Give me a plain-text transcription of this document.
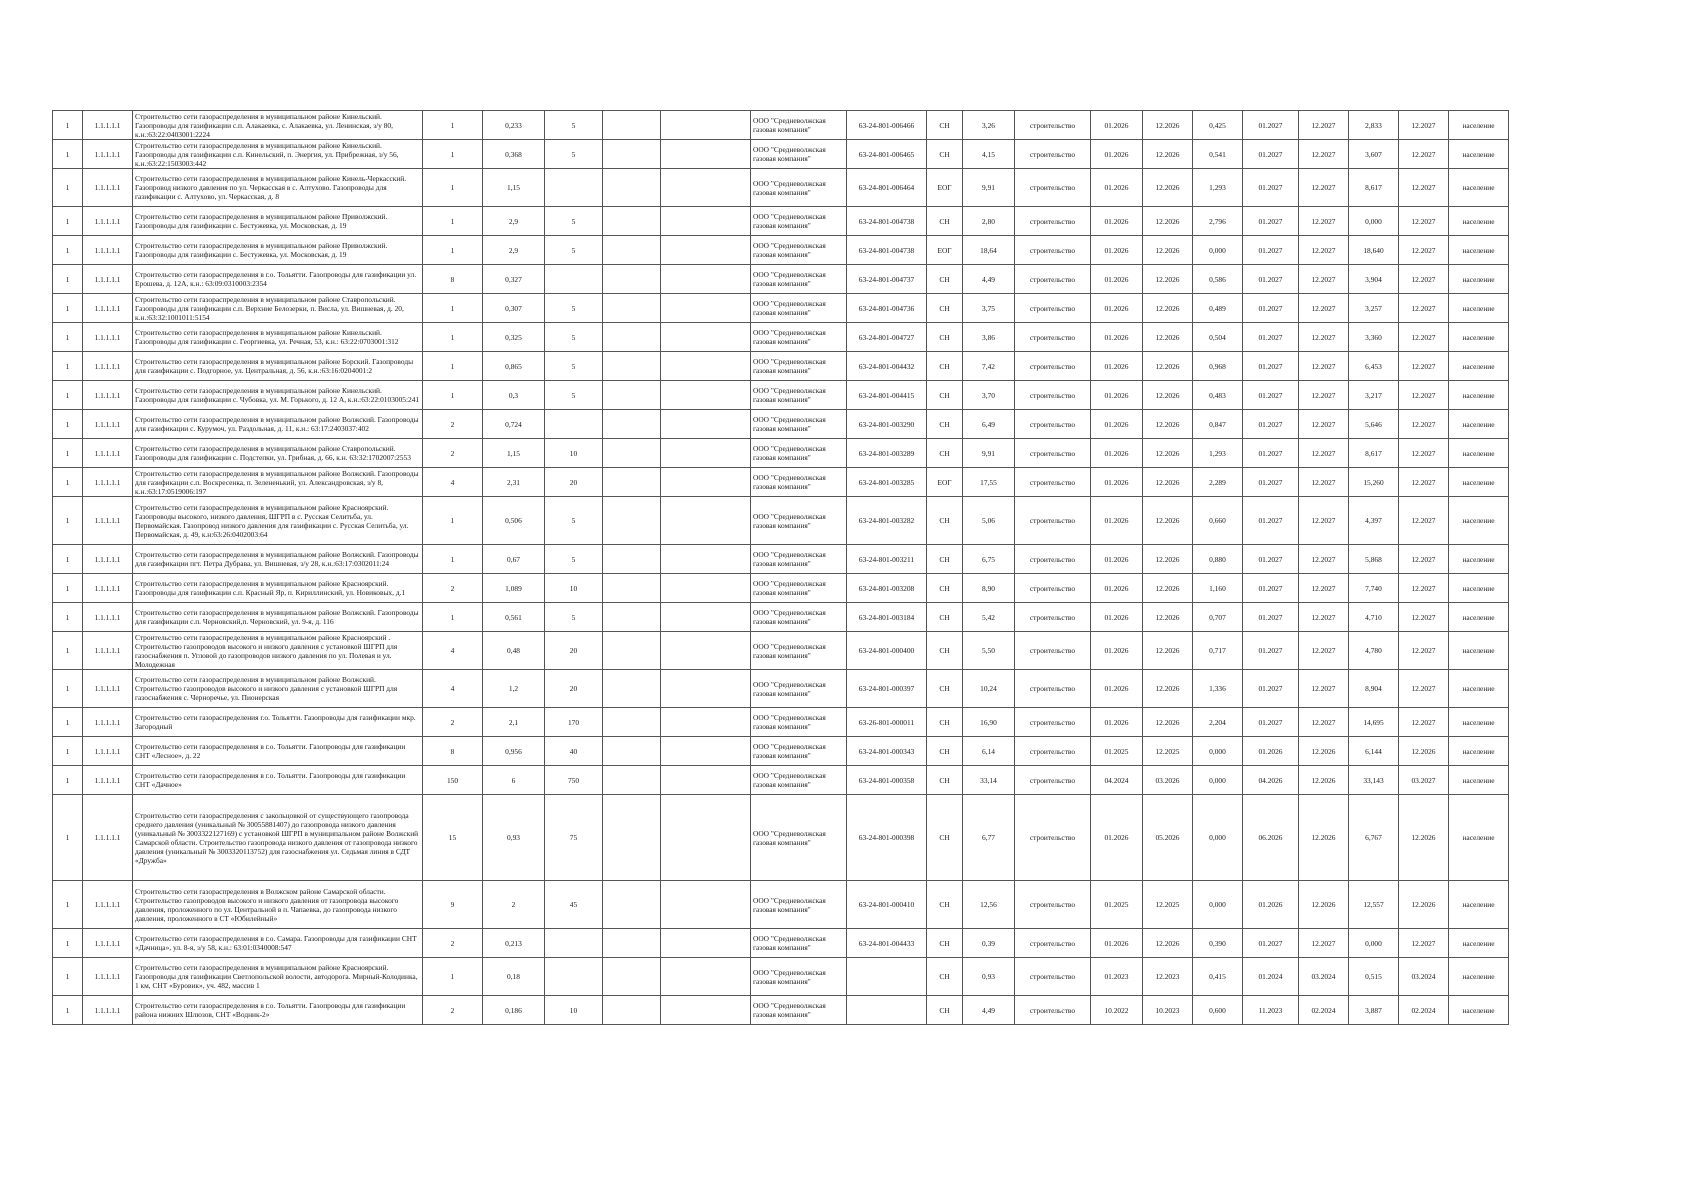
1	1.1.1.1.1	Строительство сети газораспределения в муниципальном районе Кинельский. Газопроводы для газификации с.п. Алакаевка, с. Алакаевка, ул. Ленинская, з/у 80, к.н.:63:22:0403001:2224	1	0,233	5			ООО "Средневолжская газовая компания"	63-24-801-006466	СН	3,26	строительство	01.2026	12.2026	0,425	01.2027	12.2027	2,833	12.2027	население
1	1.1.1.1.1	Строительство сети газораспределения в муниципальном районе Кинельский. Газопроводы для газификации с.п. Кинельский, п. Энергия, ул. Прибрежная, з/у 56, к.н.:63:22:1503003:442	1	0,368	5			ООО "Средневолжская газовая компания"	63-24-801-006465	СН	4,15	строительство	01.2026	12.2026	0,541	01.2027	12.2027	3,607	12.2027	население
1	1.1.1.1.1	Строительство сети газораспределения в муниципальном районе Кинель-Черкасский. Газопровод низкого давления по ул. Черкасская в с. Алтухово. Газопроводы для газификации с. Алтухово, ул. Черкасская, д. 8	1	1,15				ООО "Средневолжская газовая компания"	63-24-801-006464	ЕОГ	9,91	строительство	01.2026	12.2026	1,293	01.2027	12.2027	8,617	12.2027	население
1	1.1.1.1.1	Строительство сети газораспределения в муниципальном районе Приволжский. Газопроводы для газификации с. Бестужевка, ул. Московская, д. 19	1	2,9	5			ООО "Средневолжская газовая компания"	63-24-801-004738	СН	2,80	строительство	01.2026	12.2026	2,796	01.2027	12.2027	0,000	12.2027	население
1	1.1.1.1.1	Строительство сети газораспределения в муниципальном районе Приволжский. Газопроводы для газификации с. Бестужевка, ул. Московская, д. 19	1	2,9	5			ООО "Средневолжская газовая компания"	63-24-801-004738	ЕОГ	18,64	строительство	01.2026	12.2026	0,000	01.2027	12.2027	18,640	12.2027	население
1	1.1.1.1.1	Строительство сети газораспределения в г.о. Тольятти. Газопроводы для газификации ул. Ерошева, д. 12А, к.н.: 63:09:0310003:2354	8	0,327				ООО "Средневолжская газовая компания"	63-24-801-004737	СН	4,49	строительство	01.2026	12.2026	0,586	01.2027	12.2027	3,904	12.2027	население
1	1.1.1.1.1	Строительство сети газораспределения в муниципальном районе Ставропольский. Газопроводы для газификации с.п. Верхние Белозерки, п. Висла, ул. Вишневая, д. 20, к.н.:63:32:1001011:5154	1	0,307	5			ООО "Средневолжская газовая компания"	63-24-801-004736	СН	3,75	строительство	01.2026	12.2026	0,489	01.2027	12.2027	3,257	12.2027	население
1	1.1.1.1.1	Строительство сети газораспределения в муниципальном районе Кинельский. Газопроводы для газификации с. Георгиевка, ул. Речная, 53, к.н.: 63:22:0703001:312	1	0,325	5			ООО "Средневолжская газовая компания"	63-24-801-004727	СН	3,86	строительство	01.2026	12.2026	0,504	01.2027	12.2027	3,360	12.2027	население
1	1.1.1.1.1	Строительство сети газораспределения в муниципальном районе Борский. Газопроводы для газификации с. Подгорное, ул. Центральная, д. 56, к.н.:63:16:0204001:2	1	0,865	5			ООО "Средневолжская газовая компания"	63-24-801-004432	СН	7,42	строительство	01.2026	12.2026	0,968	01.2027	12.2027	6,453	12.2027	население
1	1.1.1.1.1	Строительство сети газораспределения в муниципальном районе Кинельский. Газопроводы для газификации с. Чубовка, ул. М. Горького, д. 12 А, к.н.:63:22:0103005:241	1	0,3	5			ООО "Средневолжская газовая компания"	63-24-801-004415	СН	3,70	строительство	01.2026	12.2026	0,483	01.2027	12.2027	3,217	12.2027	население
1	1.1.1.1.1	Строительство сети газораспределения в муниципальном районе Волжский. Газопроводы для газификации с. Курумоч, ул. Раздольная, д. 11, к.н.: 63:17:2403037:402	2	0,724				ООО "Средневолжская газовая компания"	63-24-801-003290	СН	6,49	строительство	01.2026	12.2026	0,847	01.2027	12.2027	5,646	12.2027	население
1	1.1.1.1.1	Строительство сети газораспределения в муниципальном районе Ставропольский. Газопроводы для газификации с. Подстепки, ул. Грибная, д. 66, к.н. 63:32:1702007:2553	2	1,15	10			ООО "Средневолжская газовая компания"	63-24-801-003289	СН	9,91	строительство	01.2026	12.2026	1,293	01.2027	12.2027	8,617	12.2027	население
1	1.1.1.1.1	Строительство сети газораспределения в муниципальном районе Волжский. Газопроводы для газификации с.п. Воскресенка, п. Зелененький, ул. Александровская, з/у 8, к.н.:63:17:0519006:197	4	2,31	20			ООО "Средневолжская газовая компания"	63-24-801-003285	ЕОГ	17,55	строительство	01.2026	12.2026	2,289	01.2027	12.2027	15,260	12.2027	население
1	1.1.1.1.1	Строительство сети газораспределения в муниципальном районе Красноярский. Газопроводы высокого, низкого давления, ШГРП в с. Русская Селитьба, ул. Первомайская. Газопровод низкого давления для газификации с. Русская Селитьба, ул. Первомайская, д. 49, к.н:63:26:0402003:64	1	0,506	5			ООО "Средневолжская газовая компания"	63-24-801-003282	СН	5,06	строительство	01.2026	12.2026	0,660	01.2027	12.2027	4,397	12.2027	население
1	1.1.1.1.1	Строительство сети газораспределения в муниципальном районе Волжский. Газопроводы для газификации пгт. Петра Дубрава, ул. Вишневая, з/у 28, к.н.:63:17:0302011:24	1	0,67	5			ООО "Средневолжская газовая компания"	63-24-801-003211	СН	6,75	строительство	01.2026	12.2026	0,880	01.2027	12.2027	5,868	12.2027	население
1	1.1.1.1.1	Строительство сети газораспределения в муниципальном районе Красноярский. Газопроводы для газификации с.п. Красный Яр, п. Кириллинский, ул. Новиковых, д.1	2	1,089	10			ООО "Средневолжская газовая компания"	63-24-801-003208	СН	8,90	строительство	01.2026	12.2026	1,160	01.2027	12.2027	7,740	12.2027	население
1	1.1.1.1.1	Строительство сети газораспределения в муниципальном районе Волжский. Газопроводы для газификации с.п. Черновский,п. Черновский, ул. 9-я, д. 116	1	0,561	5			ООО "Средневолжская газовая компания"	63-24-801-003184	СН	5,42	строительство	01.2026	12.2026	0,707	01.2027	12.2027	4,710	12.2027	население
1	1.1.1.1.1	Строительство сети газораспределения в муниципальном районе Красноярский . Строительство газопроводов высокого и низкого давления с установкой ШГРП для газоснабжения п. Угловой до газопроводов низкого давления по ул. Полевая и ул. Молодежная	4	0,48	20			ООО "Средневолжская газовая компания"	63-24-801-000400	СН	5,50	строительство	01.2026	12.2026	0,717	01.2027	12.2027	4,780	12.2027	население
1	1.1.1.1.1	Строительство сети газораспределения в муниципальном районе Волжский. Строительство газопроводов высокого и низкого давления с установкой ШГРП для газоснабжения с. Черноречье, ул. Пионерская	4	1,2	20			ООО "Средневолжская газовая компания"	63-24-801-000397	СН	10,24	строительство	01.2026	12.2026	1,336	01.2027	12.2027	8,904	12.2027	население
1	1.1.1.1.1	Строительство сети газораспределения г.о. Тольятти. Газопроводы для газификации мкр. Загородный	2	2,1	170			ООО "Средневолжская газовая компания"	63-26-801-000011	СН	16,90	строительство	01.2026	12.2026	2,204	01.2027	12.2027	14,695	12.2027	население
1	1.1.1.1.1	Строительство сети газораспределения в г.о. Тольятти. Газопроводы для газификации СНТ «Лесное», д. 22	8	0,956	40			ООО "Средневолжская газовая компания"	63-24-801-000343	СН	6,14	строительство	01.2025	12.2025	0,000	01.2026	12.2026	6,144	12.2026	население
1	1.1.1.1.1	Строительство сети газораспределения в г.о. Тольятти. Газопроводы для газификации СНТ «Дачное»	150	6	750			ООО "Средневолжская газовая компания"	63-24-801-000358	СН	33,14	строительство	04.2024	03.2026	0,000	04.2026	12.2026	33,143	03.2027	население
1	1.1.1.1.1	Строительство сети газораспределения с закольцовкой от существующего газопровода среднего давления (уникальный № 30055881407) до газопровода низкого давления (уникальный № 3003322127169) с установкой ШГРП в муниципальном районе Волжский Самарской области. Строительство газопровода низкого давления от газопровода низкого давления (уникальный № 3003320113752) для газоснабжения ул. Седьмая линия в СДТ «Дружба»	15	0,93	75			ООО "Средневолжская газовая компания"	63-24-801-000398	СН	6,77	строительство	01.2026	05.2026	0,000	06.2026	12.2026	6,767	12.2026	население
1	1.1.1.1.1	Строительство сети газораспределения в Волжском районе Самарской области. Строительство газопроводов высокого и низкого давления от газопровода высокого давления, проложенного по ул. Центральной в п. Чапаевка, до газопровода низкого давления, проложенного в СТ «Юбилейный»	9	2	45			ООО "Средневолжская газовая компания"	63-24-801-000410	СН	12,56	строительство	01.2025	12.2025	0,000	01.2026	12.2026	12,557	12.2026	население
1	1.1.1.1.1	Строительство сети газораспределения в г.о. Самара. Газопроводы для газификации СНТ «Дачница», ул. 8-я, з/у 58, к.н.: 63:01:0340008:547	2	0,213				ООО "Средневолжская газовая компания"	63-24-801-004433	СН	0,39	строительство	01.2026	12.2026	0,390	01.2027	12.2027	0,000	12.2027	население
1	1.1.1.1.1	Строительство сети газораспределения в муниципальном районе Красноярский. Газопроводы для газификации Светлопольской волости, автодорога. Мирный-Колодинка, 1 км, СНТ «Буровик», уч. 482, массив 1	1	0,18				ООО "Средневолжская газовая компания"		СН	0,93	строительство	01.2023	12.2023	0,415	01.2024	03.2024	0,515	03.2024	население
1	1.1.1.1.1	Строительство сети газораспределения в г.о. Тольятти. Газопроводы для газификации района нижних Шлюзов, СНТ «Водник-2»	2	0,186	10			ООО "Средневолжская газовая компания"		СН	4,49	строительство	10.2022	10.2023	0,600	11.2023	02.2024	3,887	02.2024	население
